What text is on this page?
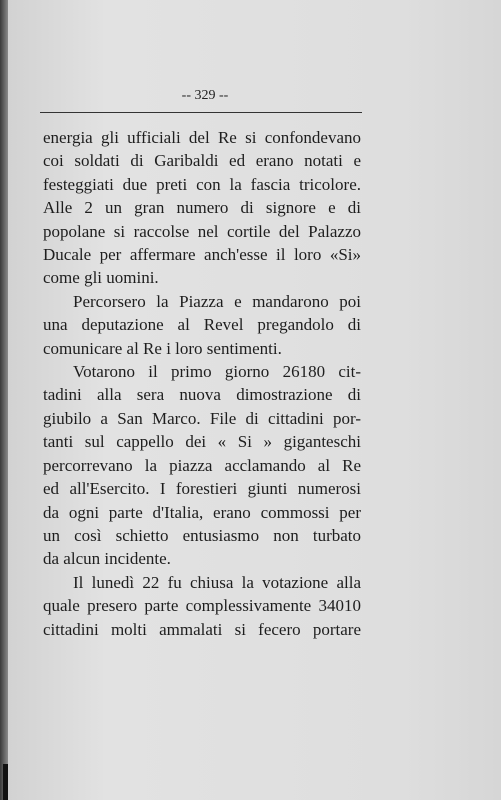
-- 329 --
energia gli ufficiali del Re si confondevano
coi soldati di Garibaldi ed erano notati e
festeggiati due preti con la fascia tricolore.
Alle 2 un gran numero di signore e di
popolane si raccolse nel cortile del Palazzo
Ducale per affermare anch'esse il loro «Si»
come gli uomini.
Percorsero la Piazza e mandarono poi
una deputazione al Revel pregandolo di
comunicare al Re i loro sentimenti.
Votarono il primo giorno 26180 cit-
tadini alla sera nuova dimostrazione di
giubilo a San Marco. File di cittadini por-
tanti sul cappello dei « Si » giganteschi
percorrevano la piazza acclamando al Re
ed all'Esercito. I forestieri giunti numerosi
da ogni parte d'Italia, erano commossi per
un così schietto entusiasmo non turbato
da alcun incidente.
Il lunedì 22 fu chiusa la votazione alla
quale presero parte complessivamente 34010
cittadini molti ammalati si fecero portare
